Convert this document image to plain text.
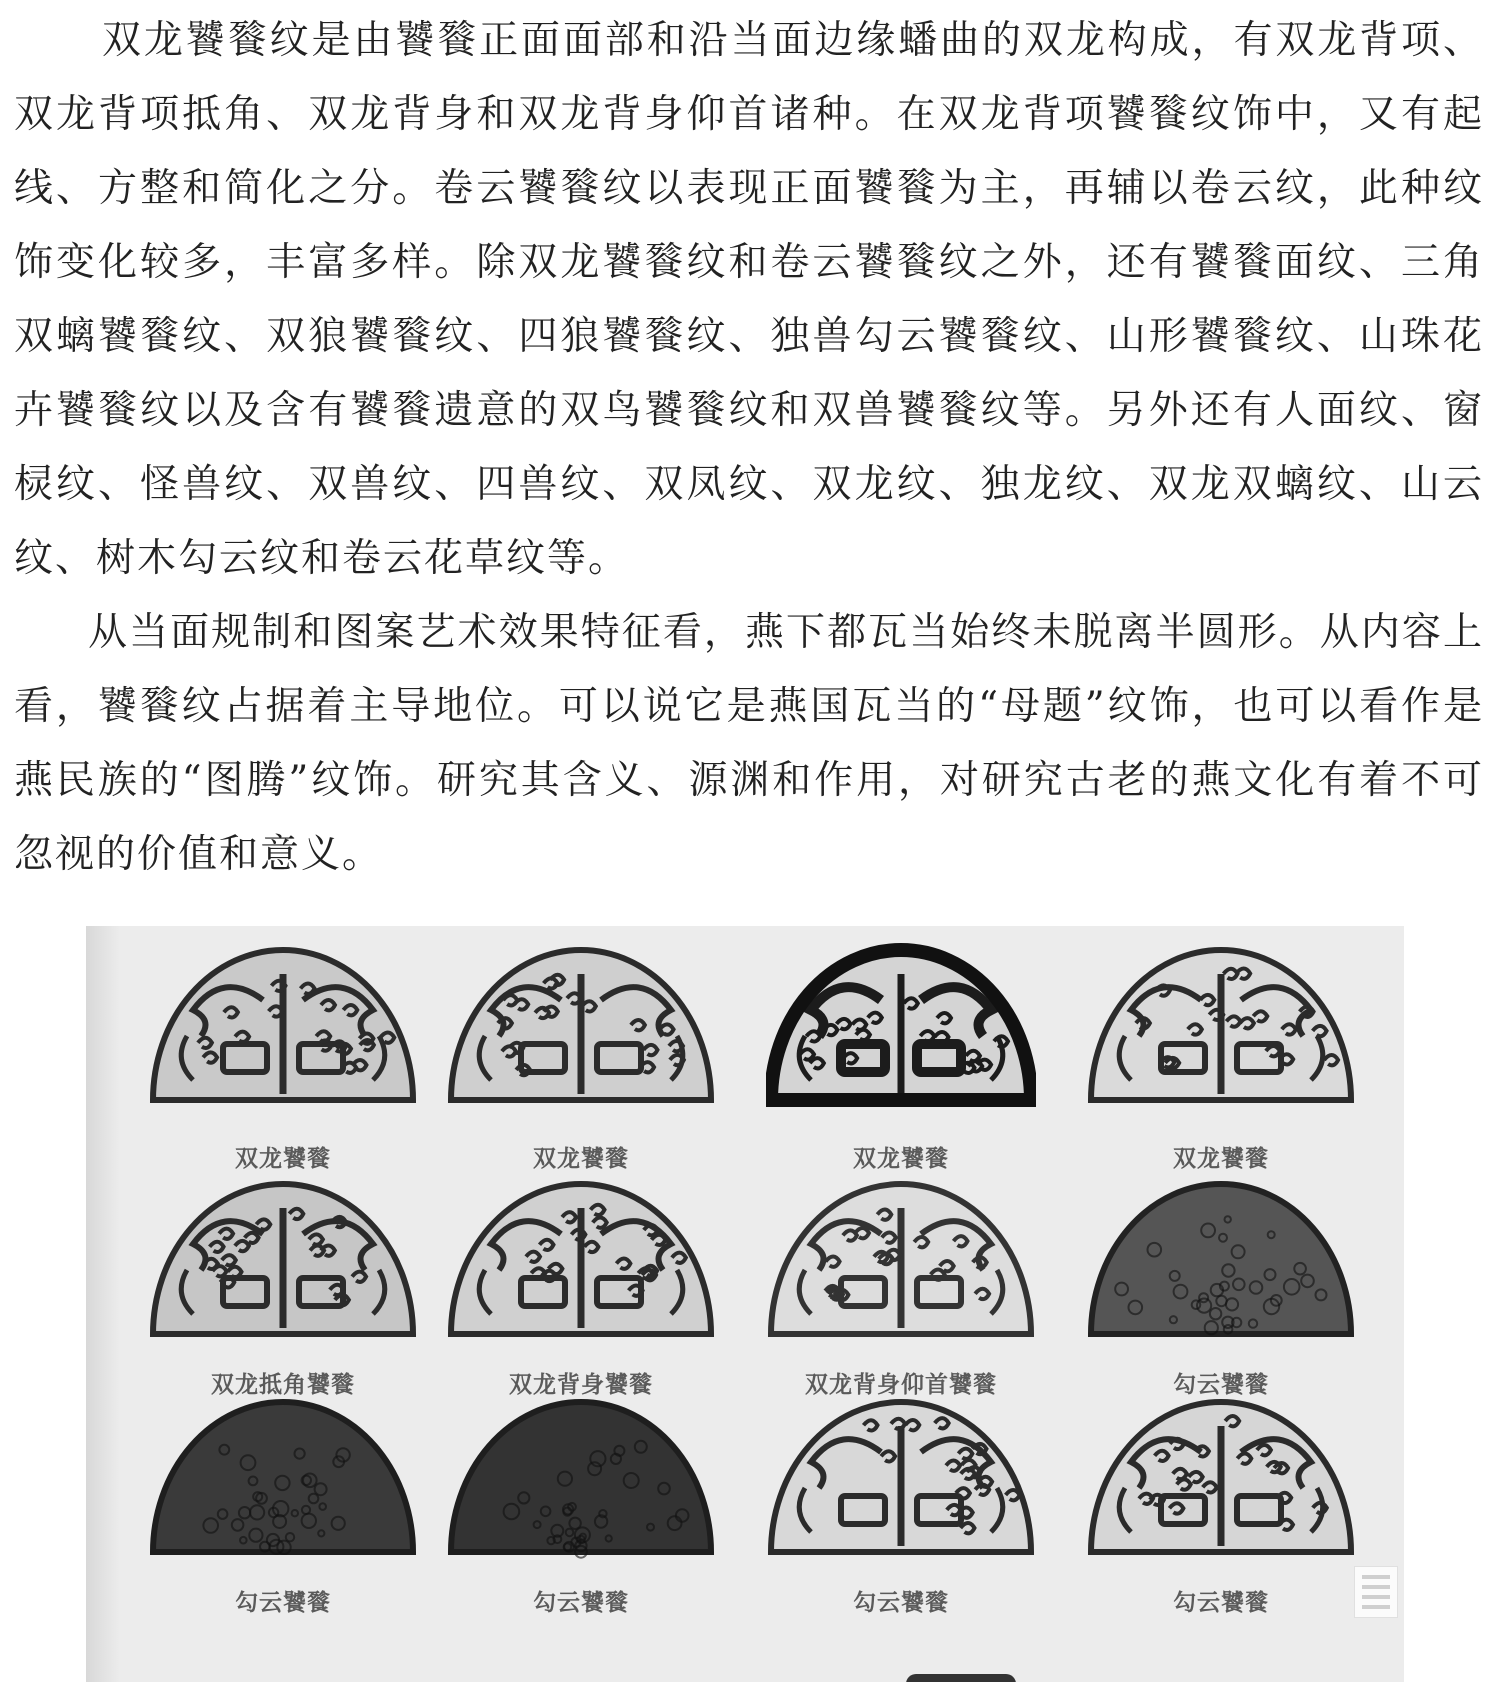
双龙饕餮纹是由饕餮正面面部和沿当面边缘蟠曲的双龙构成，有双龙背项、双龙背项抵角、双龙背身和双龙背身仰首诸种。在双龙背项饕餮纹饰中，又有起 线、方整和简化之分。卷云饕餮纹以表现正面饕餮为主，再辅以卷云纹，此种纹饰变化较多，丰富多样。除双龙饕餮纹和卷云饕餮纹之外，还有饕餮面纹、三角双螭饕餮纹、双狼饕餮纹、四狼饕餮纹、独兽勾云饕餮纹、山形饕餮纹、山珠花卉饕餮纹以及含有饕餮遗意的双鸟饕餮纹和双兽饕餮纹等。另外还有人面纹、窗棂纹、怪兽纹、双兽纹、四兽纹、双凤纹、双龙纹、独龙纹、双龙双螭纹、山云纹、树木勾云纹和卷云花草纹等。

从当面规制和图案艺术效果特征看，燕下都瓦当始终未脱离半圆形。从内容上看，饕餮纹占据着主导地位。可以说它是燕国瓦当的“母题”纹饰，也可以看作是燕民族的“图腾”纹饰。研究其含义、源渊和作用，对研究古老的燕文化有着不可忽视的价值和意义。

双龙饕餮	双龙饕餮	双龙饕餮	双龙饕餮
双龙抵角饕餮	双龙背身饕餮	双龙背身仰首饕餮	勾云饕餮
勾云饕餮	勾云饕餮	勾云饕餮	勾云饕餮
